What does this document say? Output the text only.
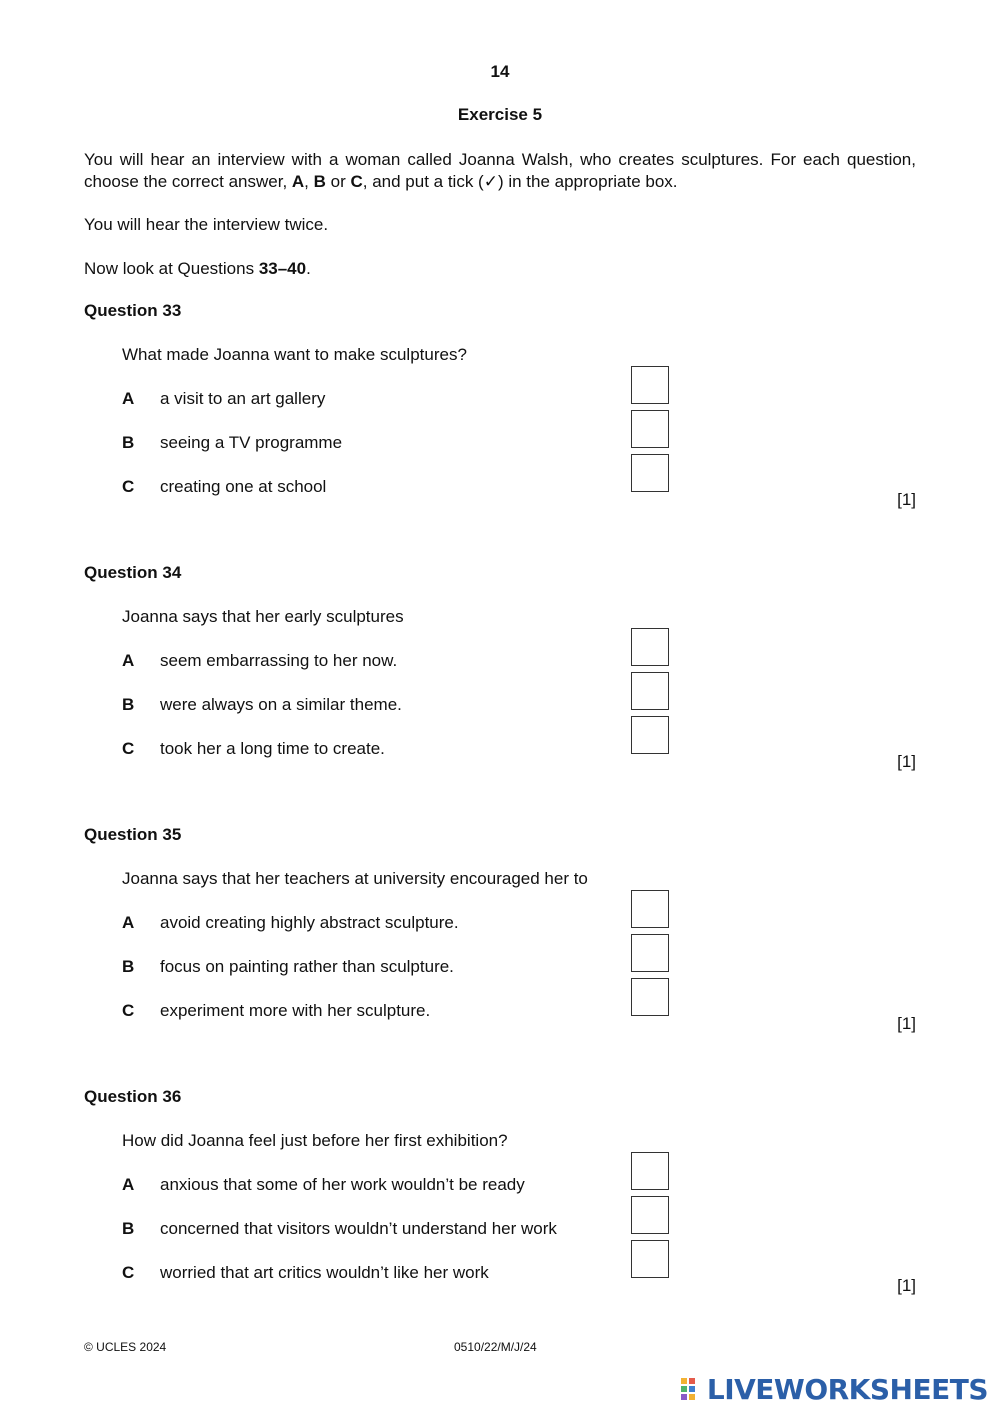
14
Exercise 5
You will hear an interview with a woman called Joanna Walsh, who creates sculptures. For each question, choose the correct answer, A, B or C, and put a tick (✓) in the appropriate box.
You will hear the interview twice.
Now look at Questions 33–40.
Question 33
What made Joanna want to make sculptures?
A a visit to an art gallery
B seeing a TV programme
C creating one at school
[1]
Question 34
Joanna says that her early sculptures
A seem embarrassing to her now.
B were always on a similar theme.
C took her a long time to create.
[1]
Question 35
Joanna says that her teachers at university encouraged her to
A avoid creating highly abstract sculpture.
B focus on painting rather than sculpture.
C experiment more with her sculpture.
[1]
Question 36
How did Joanna feel just before her first exhibition?
A anxious that some of her work wouldn’t be ready
B concerned that visitors wouldn’t understand her work
C worried that art critics wouldn’t like her work
[1]
© UCLES 2024	0510/22/M/J/24
LIVEWORKSHEETS
